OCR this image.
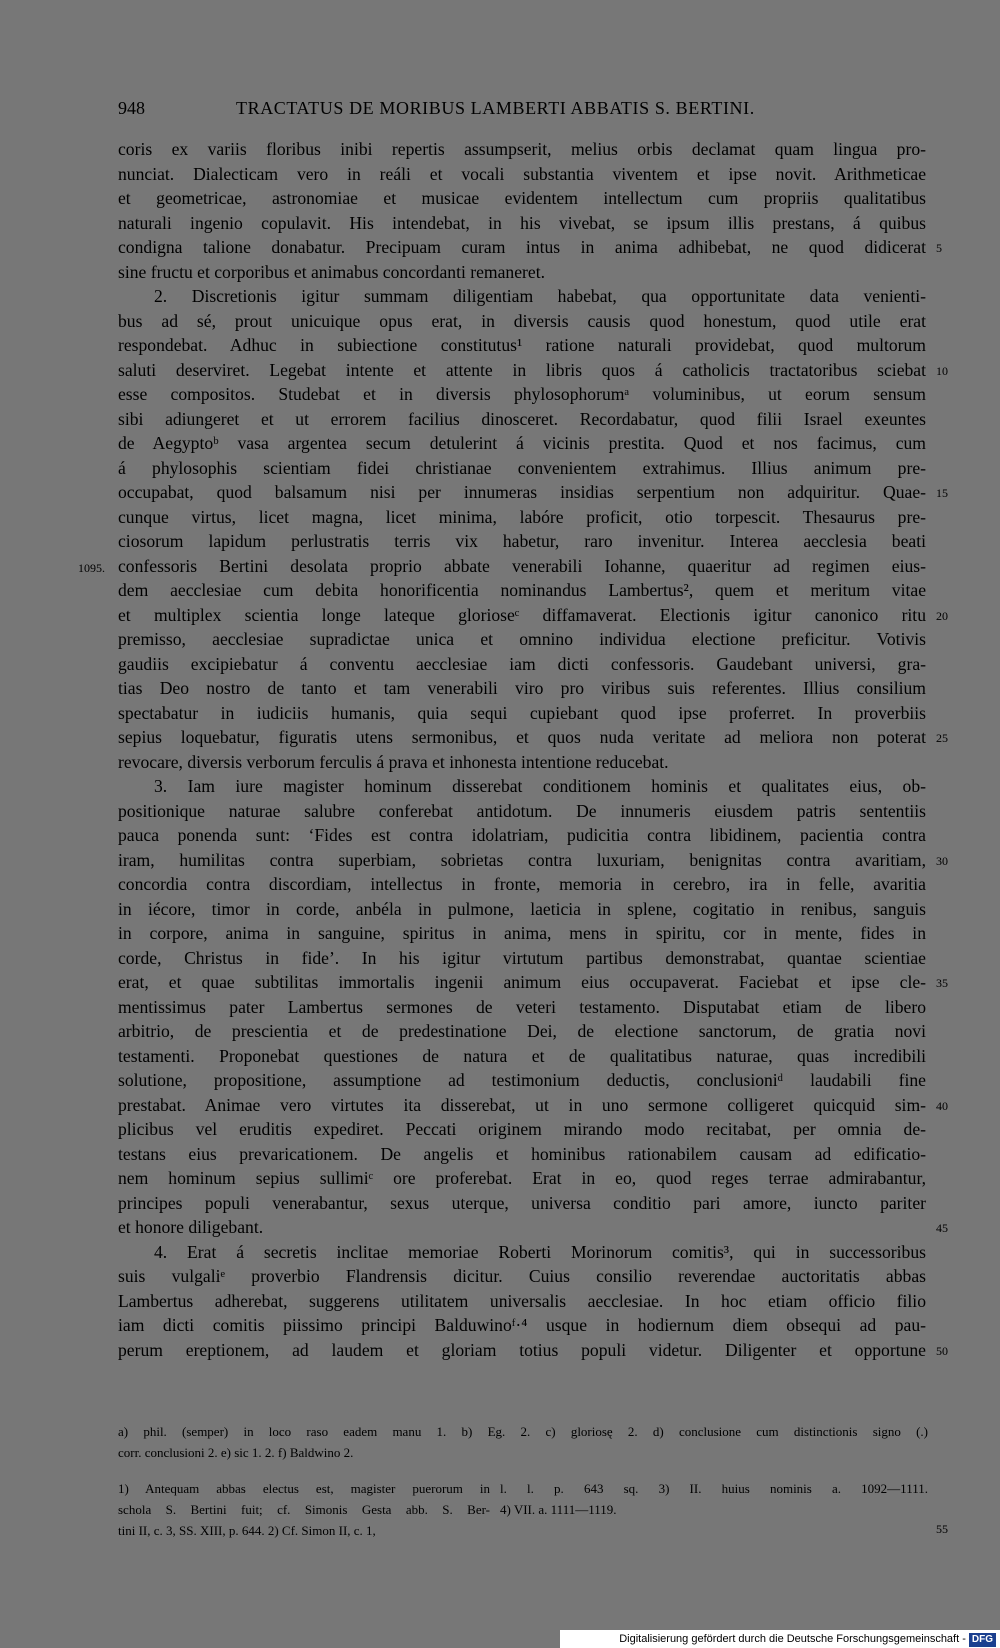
948	TRACTATUS DE MORIBUS LAMBERTI ABBATIS S. BERTINI.
coris ex variis floribus inibi repertis assumpserit, melius orbis declamat quam lingua pro-
nunciat. Dialecticam vero in reáli et vocali substantia viventem et ipse novit. Arithmeticae
et geometricae, astronomiae et musicae evidentem intellectum cum propriis qualitatibus
naturali ingenio copulavit. His intendebat, in his vivebat, se ipsum illis prestans, á quibus
condigna talione donabatur. Precipuam curam intus in anima adhibebat, ne quod didicerat 5
sine fructu et corporibus et animabus concordanti remaneret.
2. Discretionis igitur summam diligentiam habebat, qua opportunitate data venienti-
bus ad sé, prout unicuique opus erat, in diversis causis quod honestum, quod utile erat
respondebat. Adhuc in subiectione constitutus¹ ratione naturali providebat, quod multorum
saluti deserviret. Legebat intente et attente in libris quos á catholicis tractatoribus sciebat 10
esse compositos. Studebat et in diversis phylosophorumᵃ voluminibus, ut eorum sensum
sibi adiungeret et ut errorem facilius dinosceret. Recordabatur, quod filii Israel exeuntes
de Aegyptoᵇ vasa argentea secum detulerint á vicinis prestita. Quod et nos facimus, cum
á phylosophis scientiam fidei christianae convenientem extrahimus. Illius animum pre-
occupabat, quod balsamum nisi per innumeras insidias serpentium non adquiritur. Quae- 15
cunque virtus, licet magna, licet minima, labóre proficit, otio torpescit. Thesaurus pre-
ciosorum lapidum perlustratis terris vix habetur, raro invenitur. Interea aecclesia beati
confessoris Bertini desolata proprio abbate venerabili Iohanne, quaeritur ad regimen eius-
1095.
dem aecclesiae cum debita honorificentia nominandus Lambertus², quem et meritum vitae
et multiplex scientia longe lateque glorioseᶜ diffamaverat. Electionis igitur canonico ritu 20
premisso, aecclesiae supradictae unica et omnino individua electione preficitur. Votivis
gaudiis excipiebatur á conventu aecclesiae iam dicti confessoris. Gaudebant universi, gra-
tias Deo nostro de tanto et tam venerabili viro pro viribus suis referentes. Illius consilium
spectabatur in iudiciis humanis, quia sequi cupiebant quod ipse proferret. In proverbiis
sepius loquebatur, figuratis utens sermonibus, et quos nuda veritate ad meliora non poterat 25
revocare, diversis verborum ferculis á prava et inhonesta intentione reducebat.
3. Iam iure magister hominum disserebat conditionem hominis et qualitates eius, ob-
positionique naturae salubre conferebat antidotum. De innumeris eiusdem patris sententiis
pauca ponenda sunt: ‘Fides est contra idolatriam, pudicitia contra libidinem, pacientia contra
iram, humilitas contra superbiam, sobrietas contra luxuriam, benignitas contra avaritiam, 30
concordia contra discordiam, intellectus in fronte, memoria in cerebro, ira in felle, avaritia
in iécore, timor in corde, anbéla in pulmone, laeticia in splene, cogitatio in renibus, sanguis
in corpore, anima in sanguine, spiritus in anima, mens in spiritu, cor in mente, fides in
corde, Christus in fide’. In his igitur virtutum partibus demonstrabat, quantae scientiae
erat, et quae subtilitas immortalis ingenii animum eius occupaverat. Faciebat et ipse cle- 35
mentissimus pater Lambertus sermones de veteri testamento. Disputabat etiam de libero
arbitrio, de prescientia et de predestinatione Dei, de electione sanctorum, de gratia novi
testamenti. Proponebat questiones de natura et de qualitatibus naturae, quas incredibili
solutione, propositione, assumptione ad testimonium deductis, conclusioniᵈ laudabili fine
prestabat. Animae vero virtutes ita disserebat, ut in uno sermone colligeret quicquid sim- 40
plicibus vel eruditis expediret. Peccati originem mirando modo recitabat, per omnia de-
testans eius prevaricationem. De angelis et hominibus rationabilem causam ad edificatio-
nem hominum sepius sullimiᶜ ore proferebat. Erat in eo, quod reges terrae admirabantur,
principes populi venerabantur, sexus uterque, universa conditio pari amore, iuncto pariter
et honore diligebant.	45
4. Erat á secretis inclitae memoriae Roberti Morinorum comitis³, qui in successoribus
suis vulgaliᵉ proverbio Flandrensis dicitur. Cuius consilio reverendae auctoritatis abbas
Lambertus adherebat, suggerens utilitatem universalis aecclesiae. In hoc etiam officio filio
iam dicti comitis piissimo principi Balduwinoᶠ·⁴ usque in hodiernum diem obsequi ad pau-
perum ereptionem, ad laudem et gloriam totius populi videtur. Diligenter et opportune 50
a) phil. (semper) in loco raso eadem manu 1. b) Eg. 2. c) gloriosę 2. d) conclusione cum distinctionis signo (.)
corr. conclusioni 2. e) sic 1. 2. f) Baldwino 2.
1) Antequam abbas electus est, magister puerorum in
schola S. Bertini fuit; cf. Simonis Gesta abb. S. Ber-
tini II, c. 3, SS. XIII, p. 644. 2) Cf. Simon II, c. 1,
l. l. p. 643 sq. 3) II. huius nominis a. 1092—1111.
4) VII. a. 1111—1119.
55
Digitalisierung gefördert durch die Deutsche Forschungsgemeinschaft - DFG
